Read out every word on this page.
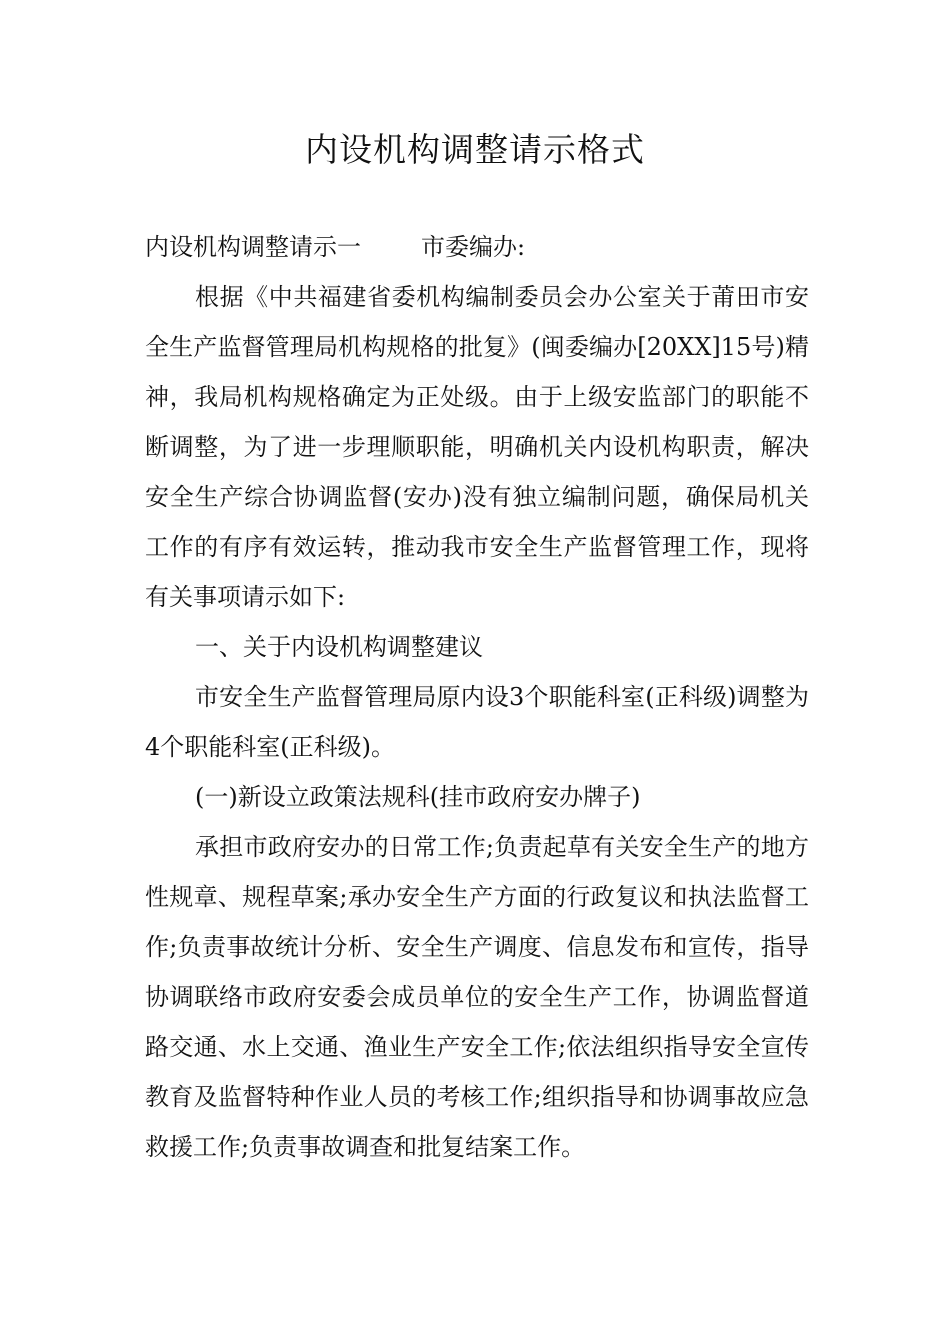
内设机构调整请示格式

内设机构调整请示一	市委编办:

根据《中共福建省委机构编制委员会办公室关于莆田市安全生产监督管理局机构规格的批复》(闽委编办[20XX]15号)精神，我局机构规格确定为正处级。由于上级安监部门的职能不断调整，为了进一步理顺职能，明确机关内设机构职责，解决安全生产综合协调监督(安办)没有独立编制问题，确保局机关工作的有序有效运转，推动我市安全生产监督管理工作，现将有关事项请示如下:

一、关于内设机构调整建议

市安全生产监督管理局原内设3个职能科室(正科级)调整为4个职能科室(正科级)。

(一)新设立政策法规科(挂市政府安办牌子)

承担市政府安办的日常工作;负责起草有关安全生产的地方性规章、规程草案;承办安全生产方面的行政复议和执法监督工作;负责事故统计分析、安全生产调度、信息发布和宣传，指导协调联络市政府安委会成员单位的安全生产工作，协调监督道路交通、水上交通、渔业生产安全工作;依法组织指导安全宣传教育及监督特种作业人员的考核工作;组织指导和协调事故应急救援工作;负责事故调查和批复结案工作。
